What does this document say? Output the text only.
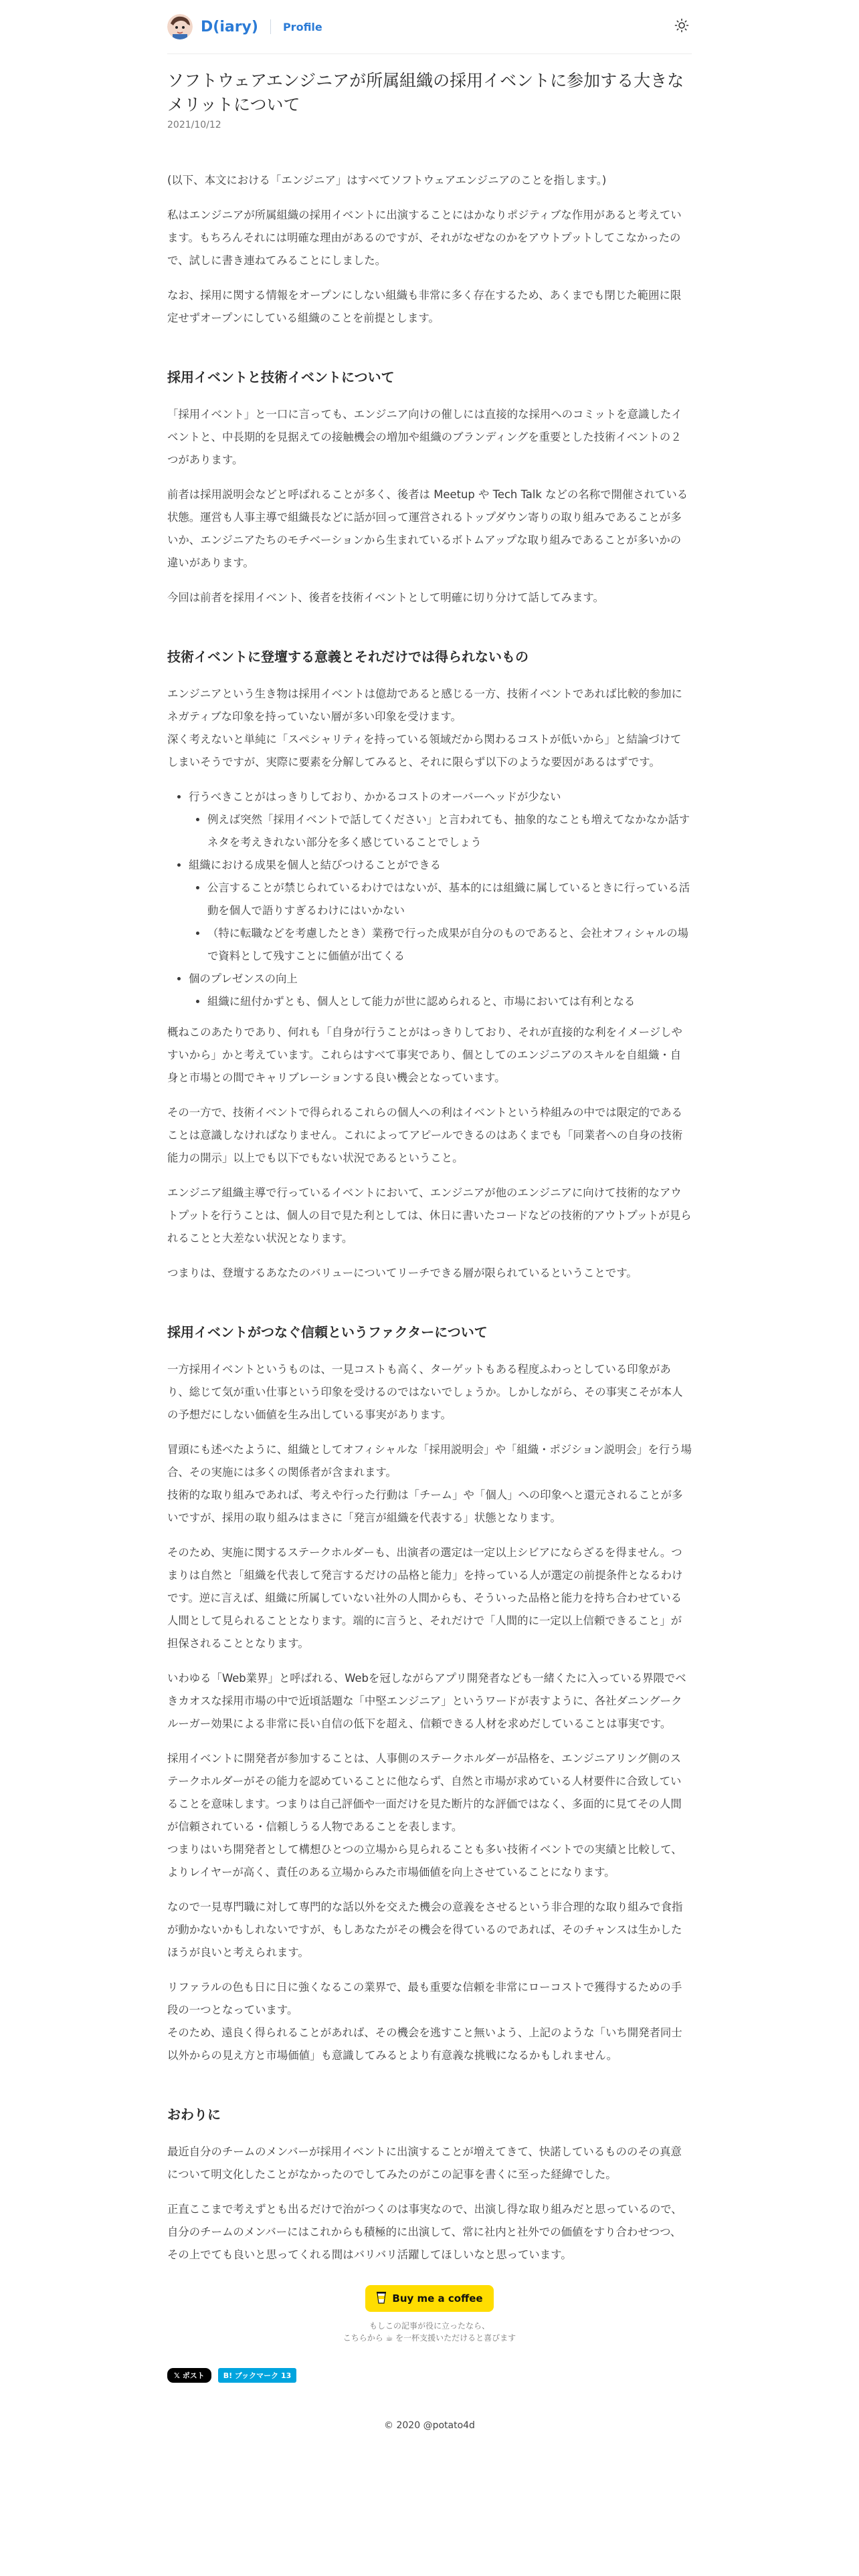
D(iary) Profile
ソフトウェアエンジニアが所属組織の採用イベントに参加する大きなメリットについて
2021/10/12

(以下、本文における「エンジニア」はすべてソフトウェアエンジニアのことを指します。)

私はエンジニアが所属組織の採用イベントに出演することにはかなりポジティブな作用があると考えています。もちろんそれには明確な理由があるのですが、それがなぜなのかをアウトプットしてこなかったので、試しに書き連ねてみることにしました。

なお、採用に関する情報をオープンにしない組織も非常に多く存在するため、あくまでも閉じた範囲に限定せずオープンにしている組織のことを前提とします。

採用イベントと技術イベントについて

「採用イベント」と一口に言っても、エンジニア向けの催しには直接的な採用へのコミットを意識したイベントと、中長期的を見据えての接触機会の増加や組織のブランディングを重要とした技術イベントの２つがあります。

前者は採用説明会などと呼ばれることが多く、後者は Meetup や Tech Talk などの名称で開催されている状態。運営も人事主導で組織長などに話が回って運営されるトップダウン寄りの取り組みであることが多いか、エンジニアたちのモチベーションから生まれているボトムアップな取り組みであることが多いかの違いがあります。

今回は前者を採用イベント、後者を技術イベントとして明確に切り分けて話してみます。

技術イベントに登壇する意義とそれだけでは得られないもの

エンジニアという生き物は採用イベントは億劫であると感じる一方、技術イベントであれば比較的参加にネガティブな印象を持っていない層が多い印象を受けます。
深く考えないと単純に「スペシャリティを持っている領域だから関わるコストが低いから」と結論づけてしまいそうですが、実際に要素を分解してみると、それに限らず以下のような要因があるはずです。

• 行うべきことがはっきりしており、かかるコストのオーバーヘッドが少ない
• 例えば突然「採用イベントで話してください」と言われても、抽象的なことも増えてなかなか話すネタを考えきれない部分を多く感じていることでしょう
• 組織における成果を個人と結びつけることができる
• 公言することが禁じられているわけではないが、基本的には組織に属しているときに行っている活動を個人で語りすぎるわけにはいかない
• （特に転職などを考慮したとき）業務で行った成果が自分のものであると、会社オフィシャルの場で資料として残すことに価値が出てくる
• 個のプレゼンスの向上
• 組織に紐付かずとも、個人として能力が世に認められると、市場においては有利となる

概ねこのあたりであり、何れも「自身が行うことがはっきりしており、それが直接的な利をイメージしやすいから」かと考えています。これらはすべて事実であり、個としてのエンジニアのスキルを自組織・自身と市場との間でキャリブレーションする良い機会となっています。

その一方で、技術イベントで得られるこれらの個人への利はイベントという枠組みの中では限定的であることは意識しなければなりません。これによってアピールできるのはあくまでも「同業者への自身の技術能力の開示」以上でも以下でもない状況であるということ。

エンジニア組織主導で行っているイベントにおいて、エンジニアが他のエンジニアに向けて技術的なアウトプットを行うことは、個人の目で見た利としては、休日に書いたコードなどの技術的アウトプットが見られることと大差ない状況となります。

つまりは、登壇するあなたのバリューについてリーチできる層が限られているということです。

採用イベントがつなぐ信頼というファクターについて

一方採用イベントというものは、一見コストも高く、ターゲットもある程度ふわっとしている印象があり、総じて気が重い仕事という印象を受けるのではないでしょうか。しかしながら、その事実こそが本人の予想だにしない価値を生み出している事実があります。

冒頭にも述べたように、組織としてオフィシャルな「採用説明会」や「組織・ポジション説明会」を行う場合、その実施には多くの関係者が含まれます。
技術的な取り組みであれば、考えや行った行動は「チーム」や「個人」への印象へと還元されることが多いですが、採用の取り組みはまさに「発言が組織を代表する」状態となります。

そのため、実施に関するステークホルダーも、出演者の選定は一定以上シビアにならざるを得ません。つまりは自然と「組織を代表して発言するだけの品格と能力」を持っている人が選定の前提条件となるわけです。逆に言えば、組織に所属していない社外の人間からも、そういった品格と能力を持ち合わせている人間として見られることとなります。端的に言うと、それだけで「人間的に一定以上信頼できること」が担保されることとなります。

いわゆる「Web業界」と呼ばれる、Webを冠しながらアプリ開発者なども一緒くたに入っている界隈でベきカオスな採用市場の中で近頃話題な「中堅エンジニア」というワードが表すように、各社ダニングークルーガー効果による非常に長い自信の低下を超え、信頼できる人材を求めだしていることは事実です。

採用イベントに開発者が参加することは、人事側のステークホルダーが品格を、エンジニアリング側のステークホルダーがその能力を認めていることに他ならず、自然と市場が求めている人材要件に合致していることを意味します。つまりは自己評価や一面だけを見た断片的な評価ではなく、多面的に見てその人間が信頼されている・信頼しうる人物であることを表します。
つまりはいち開発者として構想ひとつの立場から見られることも多い技術イベントでの実績と比較して、よりレイヤーが高く、責任のある立場からみた市場価値を向上させていることになります。

なので一見専門職に対して専門的な話以外を交えた機会の意義をさせるという非合理的な取り組みで食指が動かないかもしれないですが、もしあなたがその機会を得ているのであれば、そのチャンスは生かしたほうが良いと考えられます。

リファラルの色も日に日に強くなるこの業界で、最も重要な信頼を非常にローコストで獲得するための手段の一つとなっています。
そのため、遠良く得られることがあれば、その機会を逃すこと無いよう、上記のような「いち開発者同士以外からの見え方と市場価値」も意識してみるとより有意義な挑戦になるかもしれません。

おわりに

最近自分のチームのメンバーが採用イベントに出演することが増えてきて、快諾しているもののその真意について明文化したことがなかったのでしてみたのがこの記事を書くに至った経緯でした。

正直ここまで考えずとも出るだけで治がつくのは事実なので、出演し得な取り組みだと思っているので、自分のチームのメンバーにはこれからも積極的に出演して、常に社内と社外での価値をすり合わせつつ、その上でても良いと思ってくれる間はバリバリ活躍してほしいなと思っています。

Buy me a coffee
もしこの記事が役に立ったなら、
こちらから ☕ を一杯支援いただけると喜びます
𝕏 ポスト	B! ブックマーク 13
© 2020 @potato4d
